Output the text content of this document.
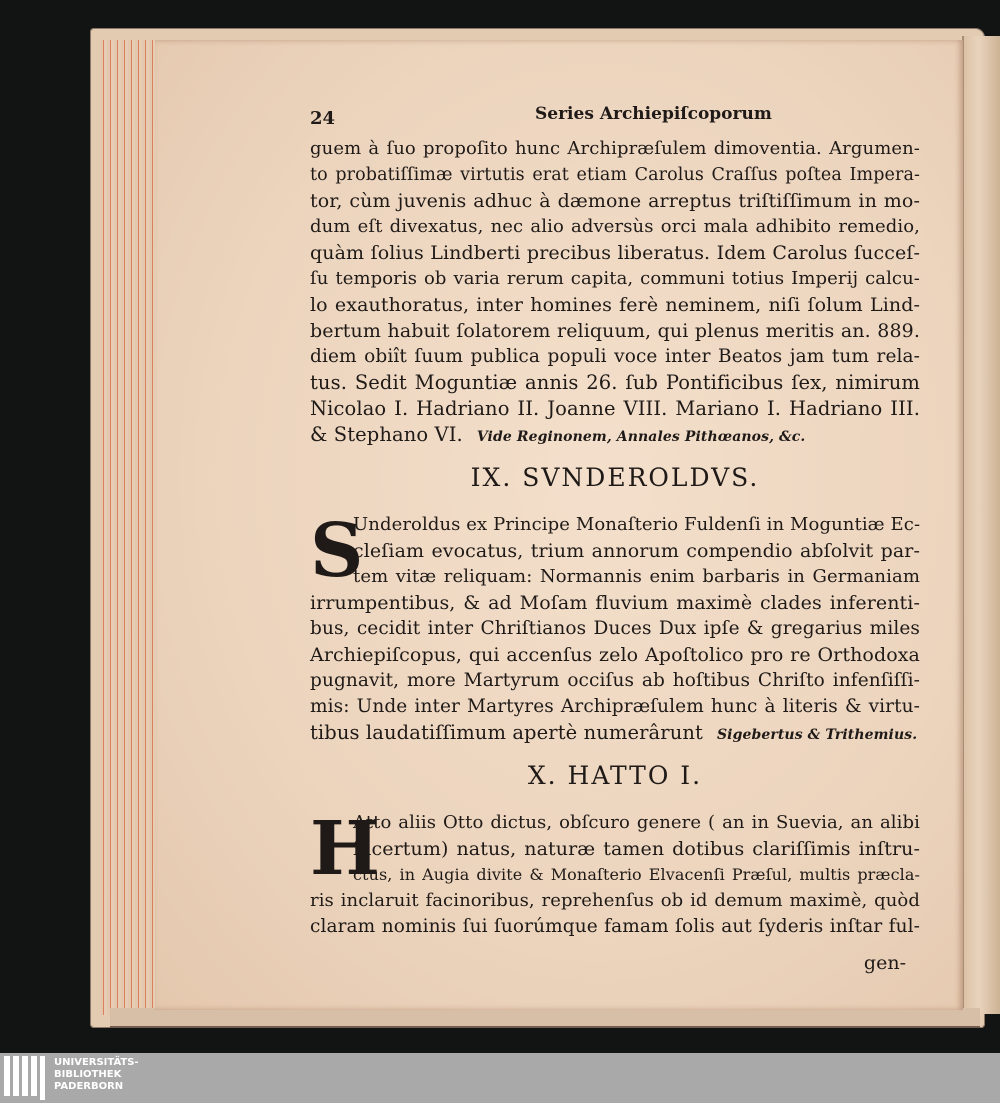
24	Series Archiepiſcoporum
guem à ſuo propoſito hunc Archipræſulem dimoventia. Argumen-
to probatiſſimæ virtutis erat etiam Carolus Craſſus poſtea Impera-
tor, cùm juvenis adhuc à dæmone arreptus triſtiſſimum in mo-
dum eſt divexatus, nec alio adversùs orci mala adhibito remedio,
quàm ſolius Lindberti precibus liberatus. Idem Carolus ſucceſ-
ſu temporis ob varia rerum capita, communi totius Imperij calcu-
lo exauthoratus, inter homines ferè neminem, niſi ſolum Lind-
bertum habuit ſolatorem reliquum, qui plenus meritis an. 889.
diem obiît ſuum publica populi voce inter Beatos jam tum rela-
tus. Sedit Moguntiæ annis 26. ſub Pontificibus ſex, nimirum
Nicolao I. Hadriano II. Joanne VIII. Mariano I. Hadriano III.
& Stephano VI. Vide Reginonem, Annales Pithœanos, &c.
IX. SVNDEROLDVS.
S
Underoldus ex Principe Monaſterio Fuldenſi in Moguntiæ Ec-
cleſiam evocatus, trium annorum compendio abſolvit par-
tem vitæ reliquam: Normannis enim barbaris in Germaniam
irrumpentibus, & ad Moſam fluvium maximè clades inferenti-
bus, cecidit inter Chriſtianos Duces Dux ipſe & gregarius miles
Archiepiſcopus, qui accenſus zelo Apoſtolico pro re Orthodoxa
pugnavit, more Martyrum occiſus ab hoſtibus Chriſto infenſiſſi-
mis: Unde inter Martyres Archipræſulem hunc à literis & virtu-
tibus laudatiſſimum apertè numerârunt Sigebertus & Trithemius.
X. HATTO I.
H
Atto aliis Otto dictus, obſcuro genere ( an in Suevia, an alibi
incertum) natus, naturæ tamen dotibus clariſſimis inſtru-
ctus, in Augia divite & Monaſterio Elvacenſi Præſul, multis præcla-
ris inclaruit facinoribus, reprehenſus ob id demum maximè, quòd
claram nominis ſui ſuorúmque famam ſolis aut ſyderis inſtar ful-
gen-
UNIVERSITÄTS-
BIBLIOTHEK
PADERBORN
